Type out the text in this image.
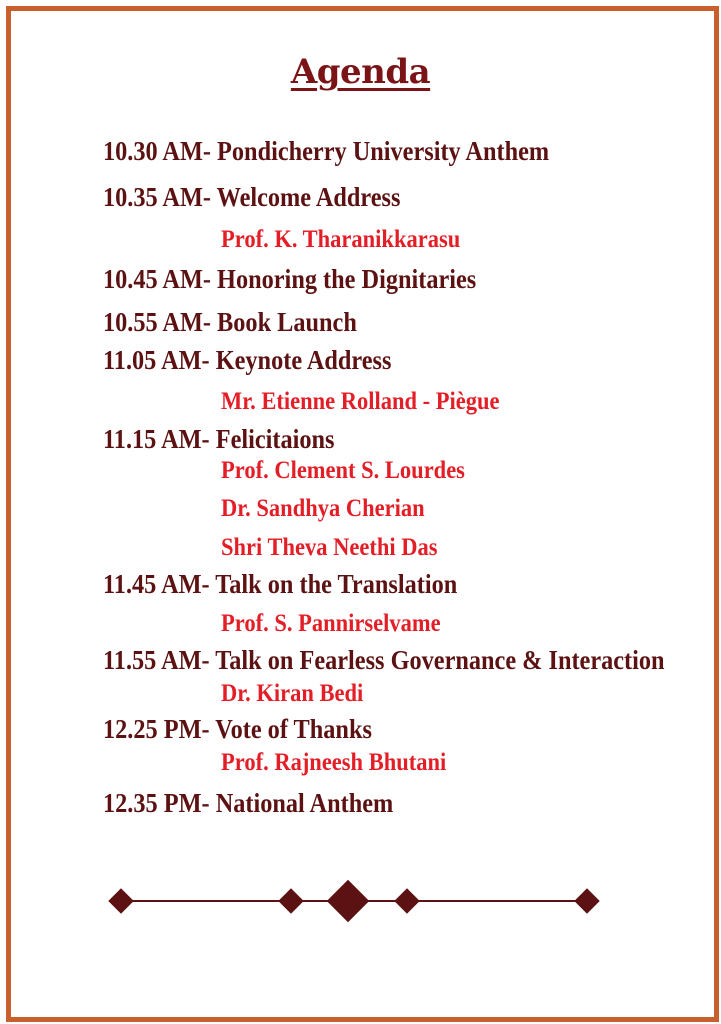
Agenda
10.30 AM- Pondicherry University Anthem
10.35 AM- Welcome Address
Prof. K. Tharanikkarasu
10.45 AM- Honoring the Dignitaries
10.55 AM- Book Launch
11.05 AM- Keynote Address
Mr. Etienne Rolland - Piègue
11.15 AM- Felicitaions
Prof. Clement S. Lourdes
Dr. Sandhya Cherian
Shri Theva Neethi Das
11.45 AM- Talk on the Translation
Prof. S. Pannirselvame
11.55 AM- Talk on Fearless Governance & Interaction
Dr. Kiran Bedi
12.25 PM- Vote of Thanks
Prof. Rajneesh Bhutani
12.35 PM- National Anthem
